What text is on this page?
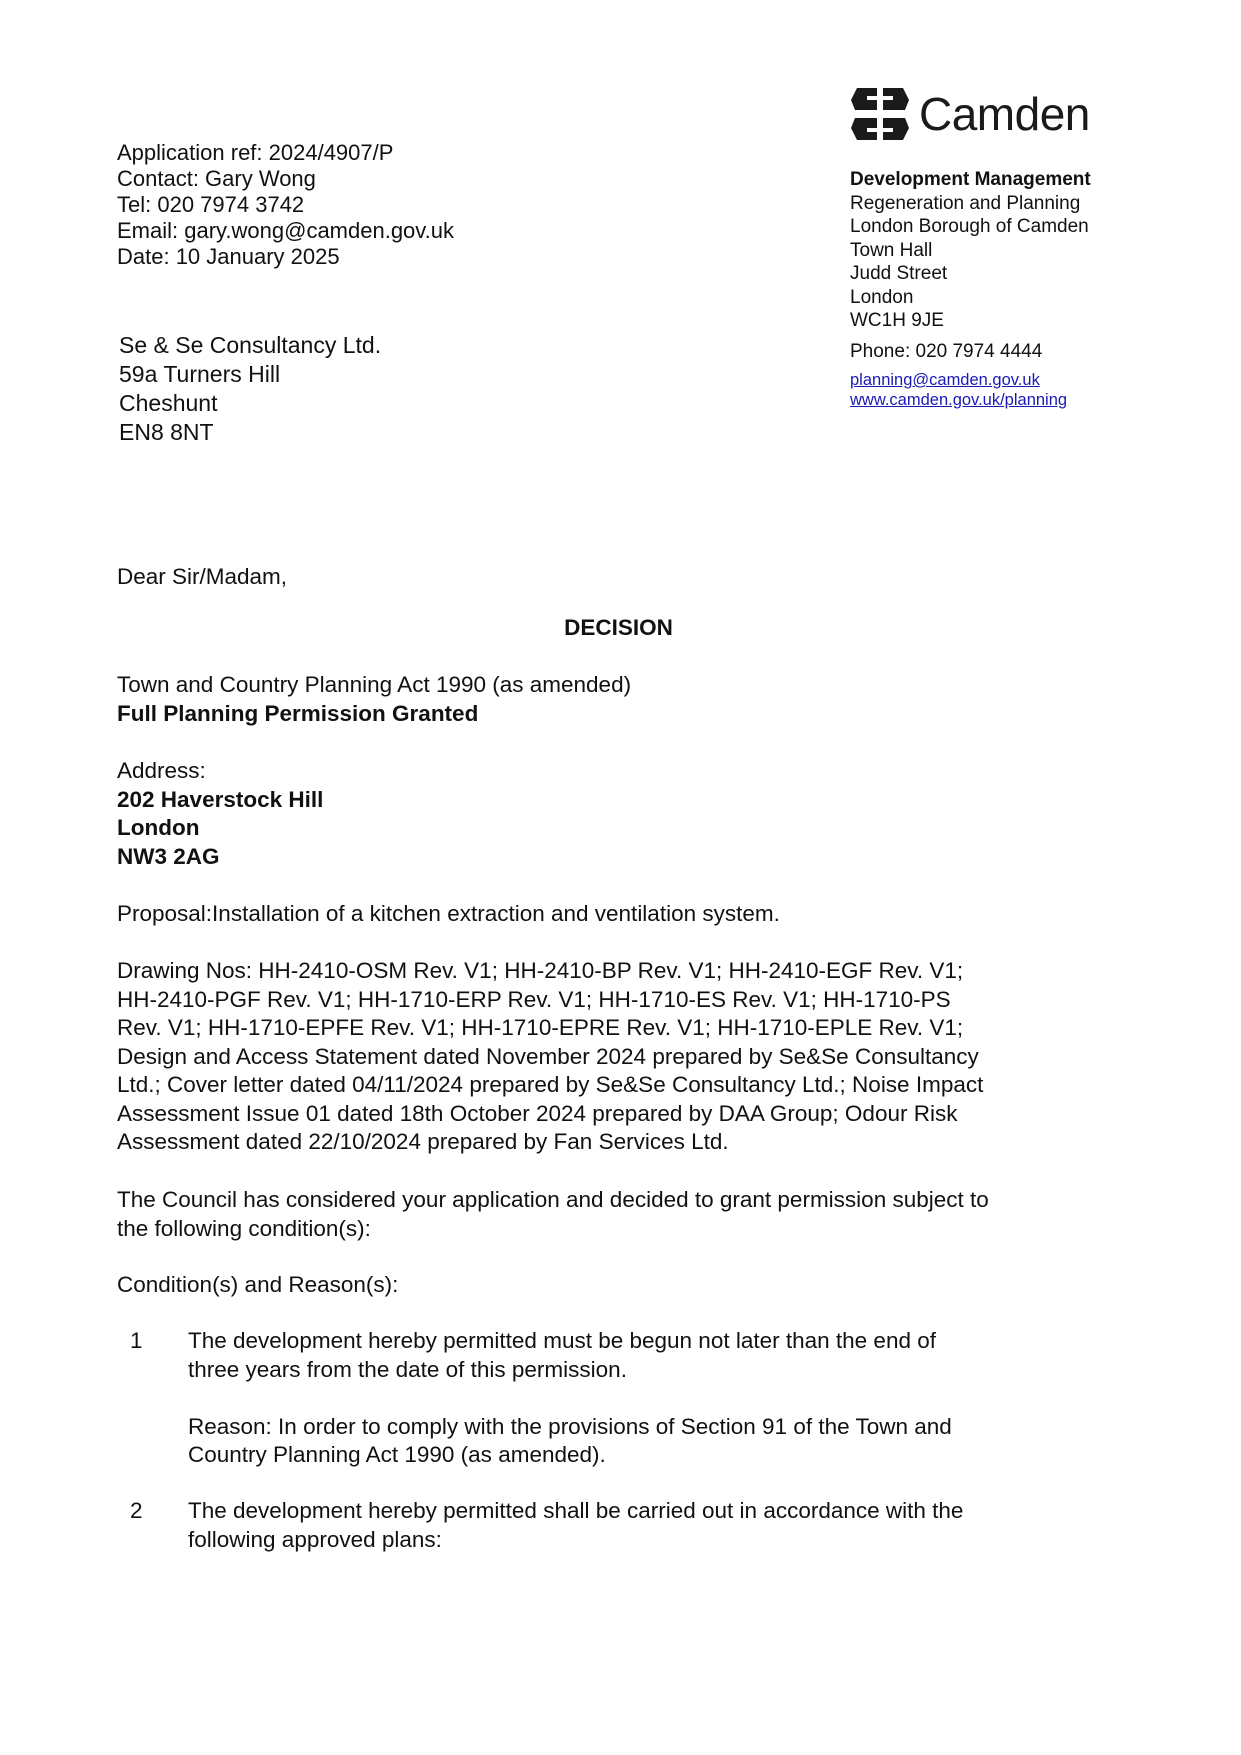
Camden
Development Management
Regeneration and Planning
London Borough of Camden
Town Hall
Judd Street
London
WC1H 9JE
Phone: 020 7974 4444
planning@camden.gov.uk
www.camden.gov.uk/planning
Application ref: 2024/4907/P
Contact: Gary Wong
Tel: 020 7974 3742
Email: gary.wong@camden.gov.uk
Date: 10 January 2025
Se & Se Consultancy Ltd.
59a Turners Hill
Cheshunt
EN8 8NT
Dear Sir/Madam,
DECISION
Town and Country Planning Act 1990 (as amended)
Full Planning Permission Granted
Address:
202 Haverstock Hill
London
NW3 2AG
Proposal:Installation of a kitchen extraction and ventilation system.

Drawing Nos: HH-2410-OSM Rev. V1; HH-2410-BP Rev. V1; HH-2410-EGF Rev. V1;

HH-2410-PGF Rev. V1; HH-1710-ERP Rev. V1; HH-1710-ES Rev. V1; HH-1710-PS

Rev. V1; HH-1710-EPFE Rev. V1; HH-1710-EPRE Rev. V1; HH-1710-EPLE Rev. V1;

Design and Access Statement dated November 2024 prepared by Se&Se Consultancy

Ltd.; Cover letter dated 04/11/2024 prepared by Se&Se Consultancy Ltd.; Noise Impact

Assessment Issue 01 dated 18th October 2024 prepared by DAA Group; Odour Risk

Assessment dated 22/10/2024 prepared by Fan Services Ltd.

The Council has considered your application and decided to grant permission subject to
the following condition(s):
Condition(s) and Reason(s):
1	The development hereby permitted must be begun not later than the end of
three years from the date of this permission.

Reason: In order to comply with the provisions of Section 91 of the Town and
Country Planning Act 1990 (as amended).

2	The development hereby permitted shall be carried out in accordance with the
following approved plans:
